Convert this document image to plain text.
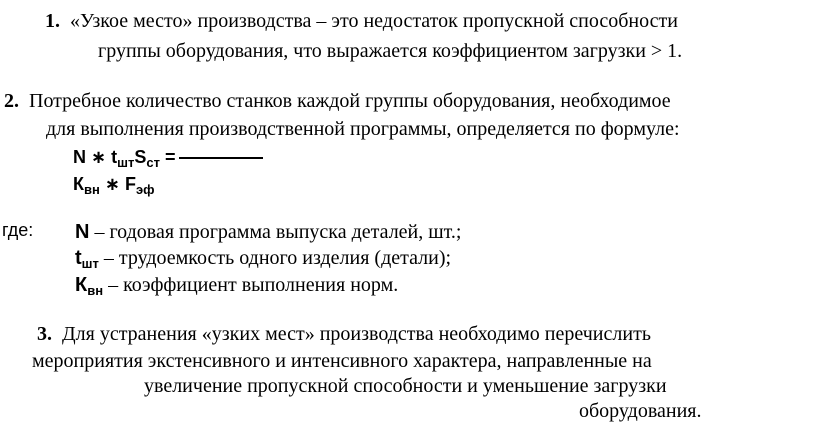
1. «Узкое место» производства – это недостаток пропускной способности
группы оборудования, что выражается коэффициентом загрузки > 1.
2. Потребное количество станков каждой группы оборудования, необходимое
для выполнения производственной программы, определяется по формуле:
N ∗ $t_{шт}S_{ст}$ =
$К_{вн}$ ∗ $F_{эф}$
где: N – годовая программа выпуска деталей, шт.;
$t_{шт}$ – трудоемкость одного изделия (детали);
$К_{вн}$ – коэффициент выполнения норм.
3. Для устранения «узких мест» производства необходимо перечислить
мероприятия экстенсивного и интенсивного характера, направленные на
увеличение пропускной способности и уменьшение загрузки
оборудования.
